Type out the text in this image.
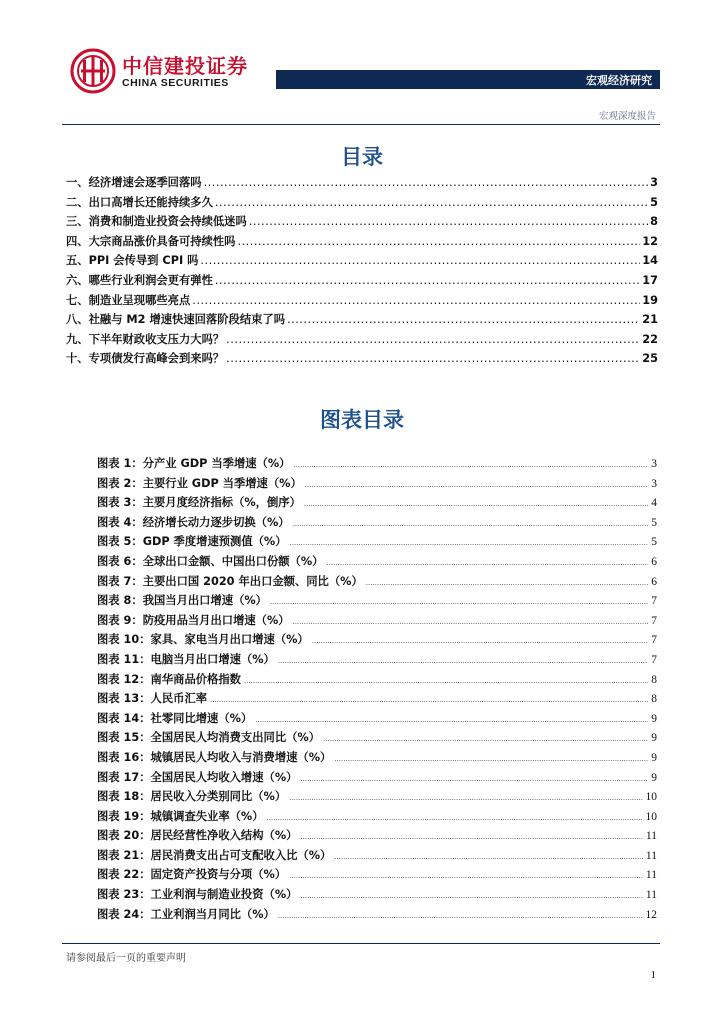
中信建投证券
CHINA SECURITIES	宏观经济研究
宏观深度报告
目录
一、经济增速会逐季回落吗 .....	3
二、出口高增长还能持续多久 .....	5
三、消费和制造业投资会持续低迷吗 .....	8
四、大宗商品涨价具备可持续性吗 .....	12
五、PPI 会传导到 CPI 吗 .....	14
六、哪些行业利润会更有弹性 .....	17
七、制造业呈现哪些亮点 .....	19
八、社融与 M2 增速快速回落阶段结束了吗 .....	21
九、下半年财政收支压力大吗？ .....	22
十、专项债发行高峰会到来吗？ .....	25
图表目录
图表 1： 分产业 GDP 当季增速（%） .....	3
图表 2： 主要行业 GDP 当季增速（%） .....	3
图表 3： 主要月度经济指标（%，倒序） .....	4
图表 4： 经济增长动力逐步切换（%） .....	5
图表 5： GDP 季度增速预测值（%） .....	5
图表 6： 全球出口金额、中国出口份额（%） .....	6
图表 7： 主要出口国 2020 年出口金额、同比（%） .....	6
图表 8： 我国当月出口增速（%） .....	7
图表 9： 防疫用品当月出口增速（%） .....	7
图表 10： 家具、家电当月出口增速（%） .....	7
图表 11： 电脑当月出口增速（%） .....	7
图表 12： 南华商品价格指数 .....	8
图表 13： 人民币汇率 .....	8
图表 14： 社零同比增速（%） .....	9
图表 15： 全国居民人均消费支出同比（%） .....	9
图表 16： 城镇居民人均收入与消费增速（%） .....	9
图表 17： 全国居民人均收入增速（%） .....	9
图表 18： 居民收入分类别同比（%） .....	10
图表 19： 城镇调查失业率（%） .....	10
图表 20： 居民经营性净收入结构（%） .....	11
图表 21： 居民消费支出占可支配收入比（%） .....	11
图表 22： 固定资产投资与分项（%） .....	11
图表 23： 工业利润与制造业投资（%） .....	11
图表 24： 工业利润当月同比（%） .....	12
请参阅最后一页的重要声明
1
